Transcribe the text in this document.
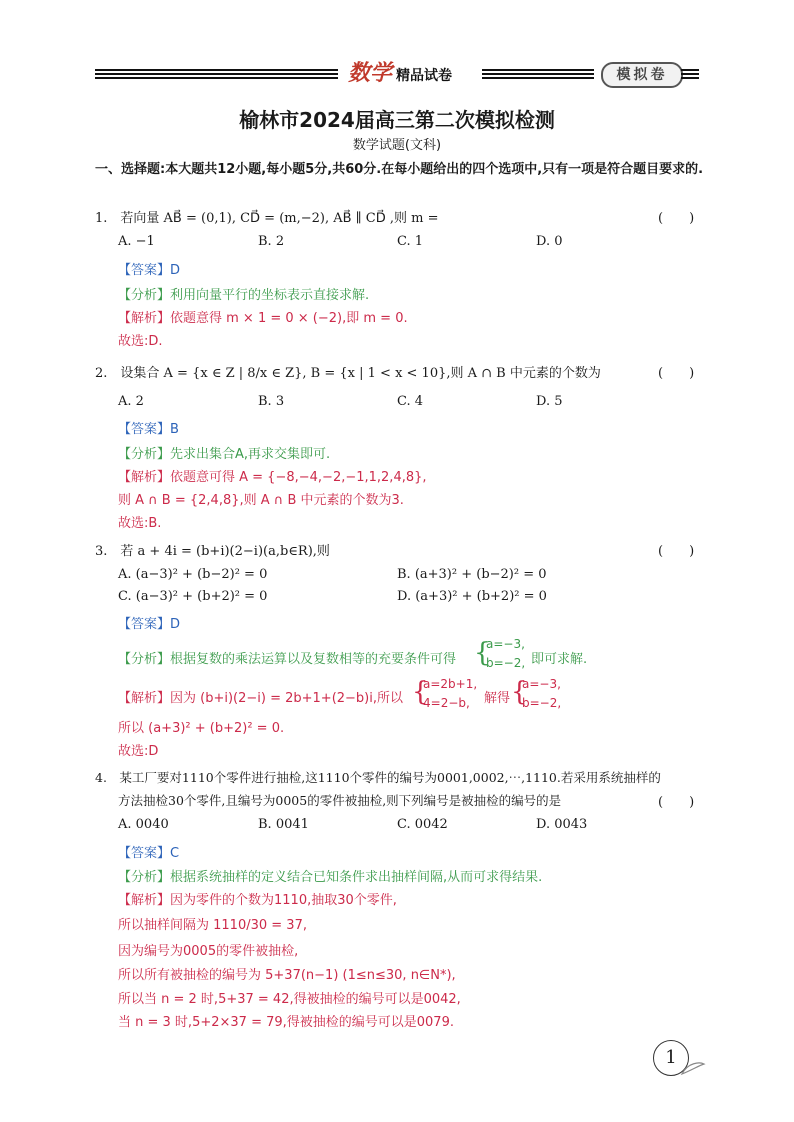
数学 精品试卷	模拟卷
榆林市2024届高三第二次模拟检测
数学试题(文科)
一、选择题:本大题共12小题,每小题5分,共60分.在每小题给出的四个选项中,只有一项是符合题目要求的.
1.　若向量 AB⃗ = (0,1), CD⃗ = (m,−2), AB⃗ ∥ CD⃗ ,则 m =	(　　)
A. −1	B. 2	C. 1	D. 0
【答案】D
【分析】利用向量平行的坐标表示直接求解.
【解析】依题意得 m × 1 = 0 × (−2),即 m = 0.
故选:D.
2.　设集合 A = {x ∈ Z | 8/x ∈ Z}, B = {x | 1 < x < 10},则 A ∩ B 中元素的个数为	(　　)
A. 2	B. 3	C. 4	D. 5
【答案】B
【分析】先求出集合A,再求交集即可.
【解析】依题意可得 A = {−8,−4,−2,−1,1,2,4,8},
则 A ∩ B = {2,4,8},则 A ∩ B 中元素的个数为3.
故选:B.
3.　若 a + 4i = (b+i)(2−i)(a,b∈R),则	(　　)
A. (a−3)² + (b−2)² = 0	B. (a+3)² + (b−2)² = 0
C. (a−3)² + (b+2)² = 0	D. (a+3)² + (b+2)² = 0
【答案】D
【分析】根据复数的乘法运算以及复数相等的充要条件可得 {
a=−3,
b=−2, 即可求解.
【解析】因为 (b+i)(2−i) = 2b+1+(2−b)i,所以 {
a=2b+1,
4=2−b, 解得 {
a=−3,
b=−2,
所以 (a+3)² + (b+2)² = 0.
故选:D
4.　某工厂要对1110个零件进行抽检,这1110个零件的编号为0001,0002,⋯,1110.若采用系统抽样的
方法抽检30个零件,且编号为0005的零件被抽检,则下列编号是被抽检的编号的是	(　　)
A. 0040	B. 0041	C. 0042	D. 0043
【答案】C
【分析】根据系统抽样的定义结合已知条件求出抽样间隔,从而可求得结果.
【解析】因为零件的个数为1110,抽取30个零件,
所以抽样间隔为 1110/30 = 37,
因为编号为0005的零件被抽检,
所以所有被抽检的编号为 5+37(n−1) (1≤n≤30, n∈N*),
所以当 n = 2 时,5+37 = 42,得被抽检的编号可以是0042,
当 n = 3 时,5+2×37 = 79,得被抽检的编号可以是0079.
1
